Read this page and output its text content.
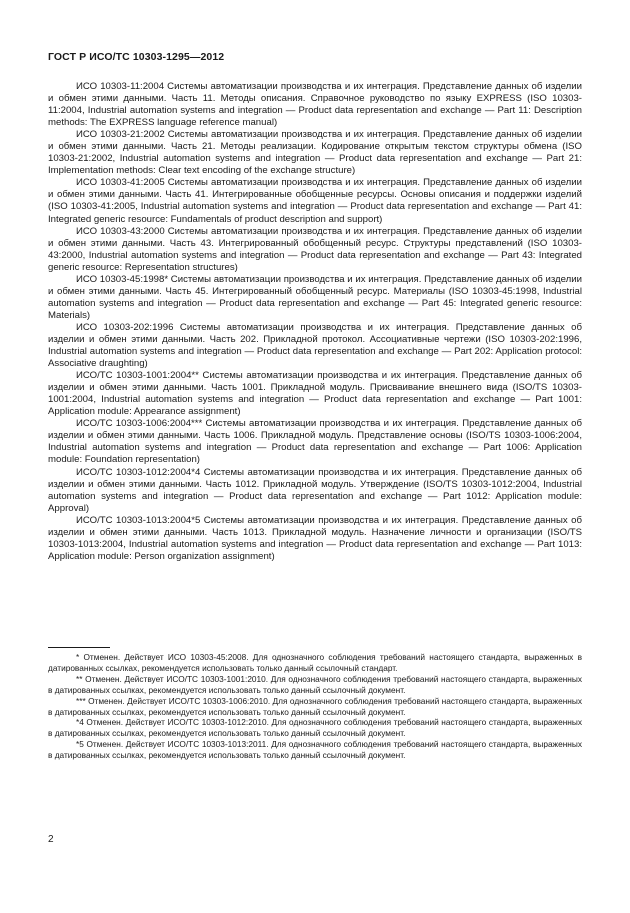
ГОСТ Р ИСО/ТС 10303-1295—2012

ИСО 10303-11:2004 Системы автоматизации производства и их интеграция. Представление данных об изделии и обмен этими данными. Часть 11. Методы описания. Справочное руководство по языку EXPRESS (ISO 10303-11:2004, Industrial automation systems and integration — Product data representation and exchange — Part 11: Description methods: The EXPRESS language reference manual)

ИСО 10303-21:2002 Системы автоматизации производства и их интеграция. Представление данных об изделии и обмен этими данными. Часть 21. Методы реализации. Кодирование открытым текстом структуры обмена (ISO 10303-21:2002, Industrial automation systems and integration — Product data representation and exchange — Part 21: Implementation methods: Clear text encoding of the exchange structure)

ИСО 10303-41:2005 Системы автоматизации производства и их интеграция. Представление данных об изделии и обмен этими данными. Часть 41. Интегрированные обобщенные ресурсы. Основы описания и поддержки изделий (ISO 10303-41:2005, Industrial automation systems and integration — Product data representation and exchange — Part 41: Integrated generic resource: Fundamentals of product description and support)

ИСО 10303-43:2000 Системы автоматизации производства и их интеграция. Представление данных об изделии и обмен этими данными. Часть 43. Интегрированный обобщенный ресурс. Структуры представлений (ISO 10303-43:2000, Industrial automation systems and integration — Product data representation and exchange — Part 43: Integrated generic resource: Representation structures)

ИСО 10303-45:1998* Системы автоматизации производства и их интеграция. Представление данных об изделии и обмен этими данными. Часть 45. Интегрированный обобщенный ресурс. Материалы (ISO 10303-45:1998, Industrial automation systems and integration — Product data representation and exchange — Part 45: Integrated generic resource: Materials)

ИСО 10303-202:1996 Системы автоматизации производства и их интеграция. Представление данных об изделии и обмен этими данными. Часть 202. Прикладной протокол. Ассоциативные чертежи (ISO 10303-202:1996, Industrial automation systems and integration — Product data representation and exchange — Part 202: Application protocol: Associative draughting)

ИСО/ТС 10303-1001:2004** Системы автоматизации производства и их интеграция. Представление данных об изделии и обмен этими данными. Часть 1001. Прикладной модуль. Присваивание внешнего вида (ISO/TS 10303-1001:2004, Industrial automation systems and integration — Product data representation and exchange — Part 1001: Application module: Appearance assignment)

ИСО/ТС 10303-1006:2004*** Системы автоматизации производства и их интеграция. Представление данных об изделии и обмен этими данными. Часть 1006. Прикладной модуль. Представление основы (ISO/TS 10303-1006:2004, Industrial automation systems and integration — Product data representation and exchange — Part 1006: Application module: Foundation representation)

ИСО/ТС 10303-1012:2004*4 Системы автоматизации производства и их интеграция. Представление данных об изделии и обмен этими данными. Часть 1012. Прикладной модуль. Утверждение (ISO/TS 10303-1012:2004, Industrial automation systems and integration — Product data representation and exchange — Part 1012: Application module: Approval)

ИСО/ТС 10303-1013:2004*5 Системы автоматизации производства и их интеграция. Представление данных об изделии и обмен этими данными. Часть 1013. Прикладной модуль. Назначение личности и организации (ISO/TS 10303-1013:2004, Industrial automation systems and integration — Product data representation and exchange — Part 1013: Application module: Person organization assignment)

* Отменен. Действует ИСО 10303-45:2008. Для однозначного соблюдения требований настоящего стандарта, выраженных в датированных ссылках, рекомендуется использовать только данный ссылочный стандарт.

** Отменен. Действует ИСО/ТС 10303-1001:2010. Для однозначного соблюдения требований настоящего стандарта, выраженных в датированных ссылках, рекомендуется использовать только данный ссылочный документ.

*** Отменен. Действует ИСО/ТС 10303-1006:2010. Для однозначного соблюдения требований настоящего стандарта, выраженных в датированных ссылках, рекомендуется использовать только данный ссылочный документ.

*4 Отменен. Действует ИСО/ТС 10303-1012:2010. Для однозначного соблюдения требований настоящего стандарта, выраженных в датированных ссылках, рекомендуется использовать только данный ссылочный документ.

*5 Отменен. Действует ИСО/ТС 10303-1013:2011. Для однозначного соблюдения требований настоящего стандарта, выраженных в датированных ссылках, рекомендуется использовать только данный ссылочный документ.

2
